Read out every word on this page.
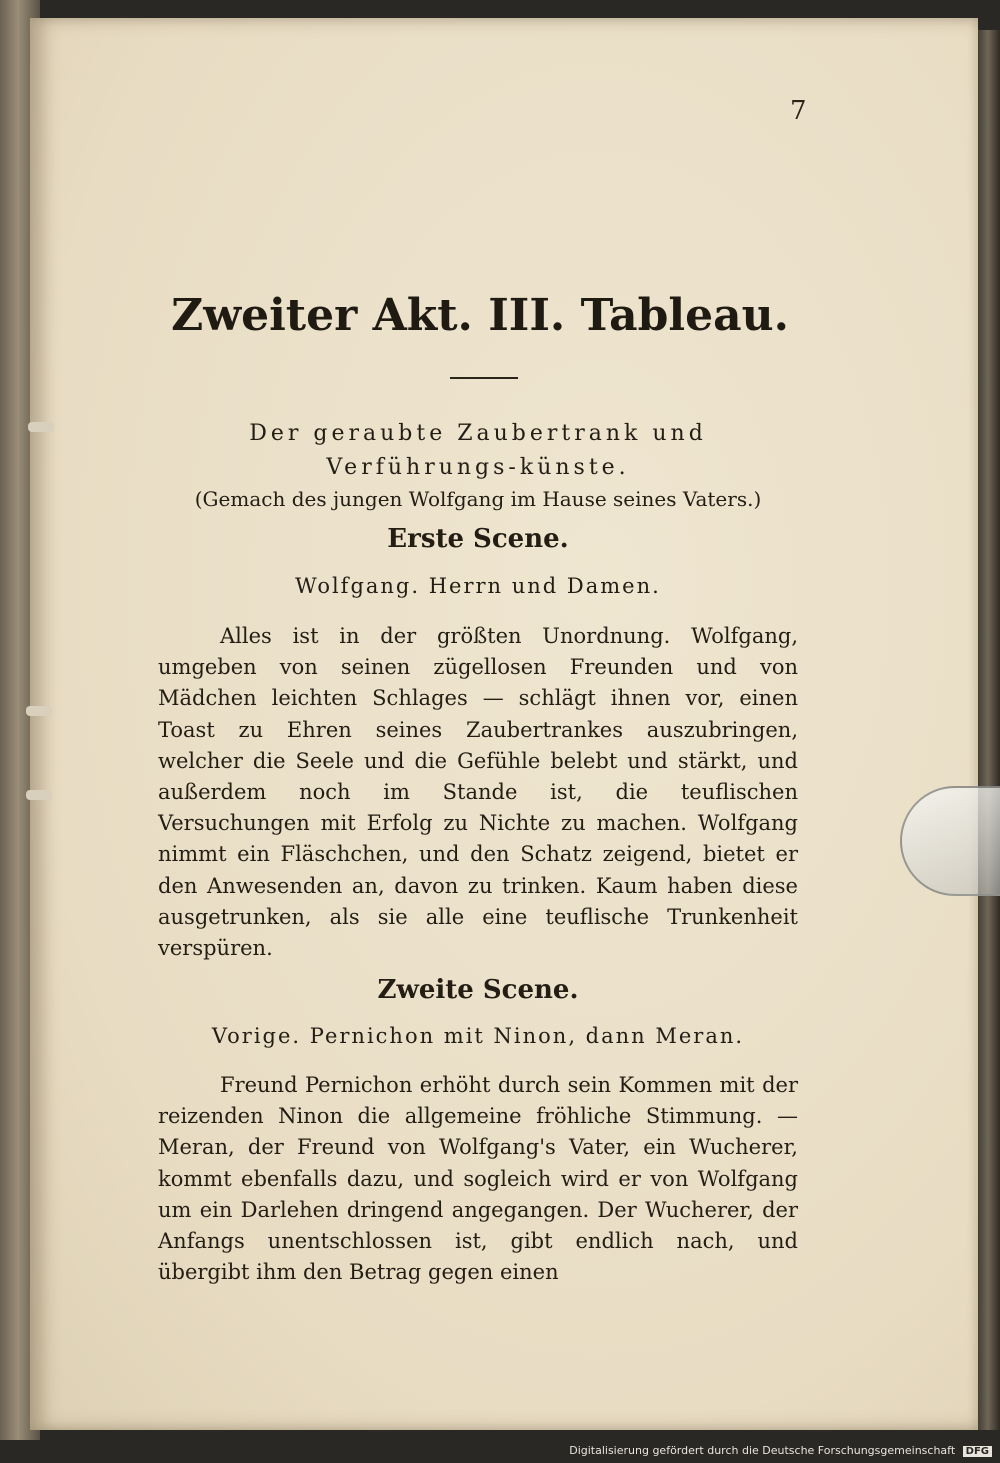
7
Zweiter Akt. III. Tableau.
Der geraubte Zaubertrank und Verführungs-künste.
(Gemach des jungen Wolfgang im Hause seines Vaters.)
Erste Scene.
Wolfgang. Herrn und Damen.
Alles ist in der größten Unordnung. Wolfgang, umgeben von seinen zügellosen Freunden und von Mädchen leichten Schlages — schlägt ihnen vor, einen Toast zu Ehren seines Zaubertrankes auszubringen, welcher die Seele und die Gefühle belebt und stärkt, und außerdem noch im Stande ist, die teuflischen Versuchungen mit Erfolg zu Nichte zu machen. Wolfgang nimmt ein Fläschchen, und den Schatz zeigend, bietet er den Anwesenden an, davon zu trinken. Kaum haben diese ausgetrunken, als sie alle eine teuflische Trunkenheit verspüren.
Zweite Scene.
Vorige. Pernichon mit Ninon, dann Meran.
Freund Pernichon erhöht durch sein Kommen mit der reizenden Ninon die allgemeine fröhliche Stimmung. — Meran, der Freund von Wolfgang's Vater, ein Wucherer, kommt ebenfalls dazu, und sogleich wird er von Wolfgang um ein Darlehen dringend angegangen. Der Wucherer, der Anfangs unentschlossen ist, gibt endlich nach, und übergibt ihm den Betrag gegen einen
Digitalisierung gefördert durch die Deutsche Forschungsgemeinschaft DFG
